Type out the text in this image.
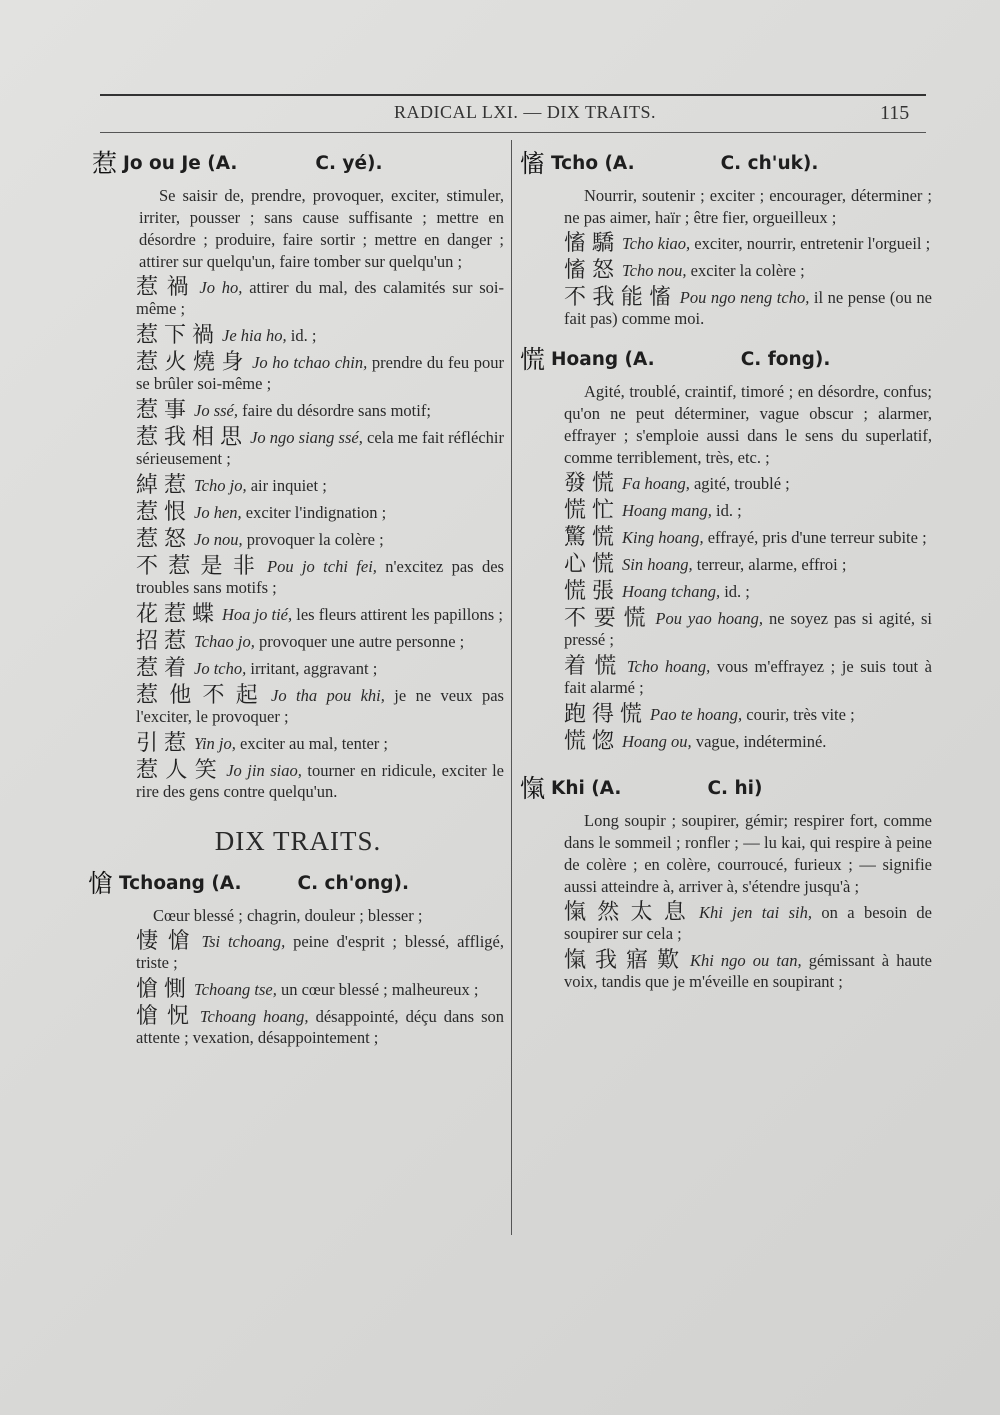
RADICAL LXI. — DIX TRAITS.	115
惹 Jo ou Je (A.	C. yé).

Se saisir de, prendre, provoquer, exciter, stimuler, irriter, pousser ; sans cause suffisante ; mettre en désordre ; produire, faire sortir ; mettre en danger ; attirer sur quelqu'un, faire tomber sur quelqu'un ;

惹禍 Jo ho, attirer du mal, des calamités sur soi-même ;
惹下禍 Je hia ho, id. ;
惹火燒身 Jo ho tchao chin, prendre du feu pour se brûler soi-même ;
惹事 Jo ssé, faire du désordre sans motif;
惹我相思 Jo ngo siang ssé, cela me fait réfléchir sérieusement ;
綽惹 Tcho jo, air inquiet ;
惹恨 Jo hen, exciter l'indignation ;
惹怒 Jo nou, provoquer la colère ;
不惹是非 Pou jo tchi fei, n'excitez pas des troubles sans motifs ;
花惹蝶 Hoa jo tié, les fleurs attirent les papillons ;
招惹 Tchao jo, provoquer une autre personne ;
惹着 Jo tcho, irritant, aggravant ;
惹他不起 Jo tha pou khi, je ne veux pas l'exciter, le provoquer ;
引惹 Yin jo, exciter au mal, tenter ;
惹人笑 Jo jin siao, tourner en ridicule, exciter le rire des gens contre quelqu'un.
DIX TRAITS.
愴 Tchoang (A.	C. ch'ong).

Cœur blessé ; chagrin, douleur ; blesser ;

悽愴 Tsi tchoang, peine d'esprit ; blessé, affligé, triste ;
愴惻 Tchoang tse, un cœur blessé ; malheureux ;
愴怳 Tchoang hoang, désappointé, déçu dans son attente ; vexation, désappointement ;
慉 Tcho (A.	C. ch'uk).

Nourrir, soutenir ; exciter ; encourager, déterminer ; ne pas aimer, haïr ; être fier, orgueilleux ;

慉驕 Tcho kiao, exciter, nourrir, entretenir l'orgueil ;
慉怒 Tcho nou, exciter la colère ;
不我能慉 Pou ngo neng tcho, il ne pense (ou ne fait pas) comme moi.
慌 Hoang (A.	C. fong).

Agité, troublé, craintif, timoré ; en désordre, confus; qu'on ne peut déterminer, vague obscur ; alarmer, effrayer ; s'emploie aussi dans le sens du superlatif, comme terriblement, très, etc. ;

發慌 Fa hoang, agité, troublé ;
慌忙 Hoang mang, id. ;
驚慌 King hoang, effrayé, pris d'une terreur subite ;
心慌 Sin hoang, terreur, alarme, effroi ;
慌張 Hoang tchang, id. ;
不要慌 Pou yao hoang, ne soyez pas si agité, si pressé ;
着慌 Tcho hoang, vous m'effrayez ; je suis tout à fait alarmé ;
跑得慌 Pao te hoang, courir, très vite ;
慌惚 Hoang ou, vague, indéterminé.
愾 Khi (A.	C. hi)

Long soupir ; soupirer, gémir; respirer fort, comme dans le sommeil ; ronfler ; — lu kai, qui respire à peine de colère ; en colère, courroucé, furieux ; — signifie aussi atteindre à, arriver à, s'étendre jusqu'à ;

愾然太息 Khi jen tai sih, on a besoin de soupirer sur cela ;
愾我寤歎 Khi ngo ou tan, gémissant à haute voix, tandis que je m'éveille en soupirant ;
